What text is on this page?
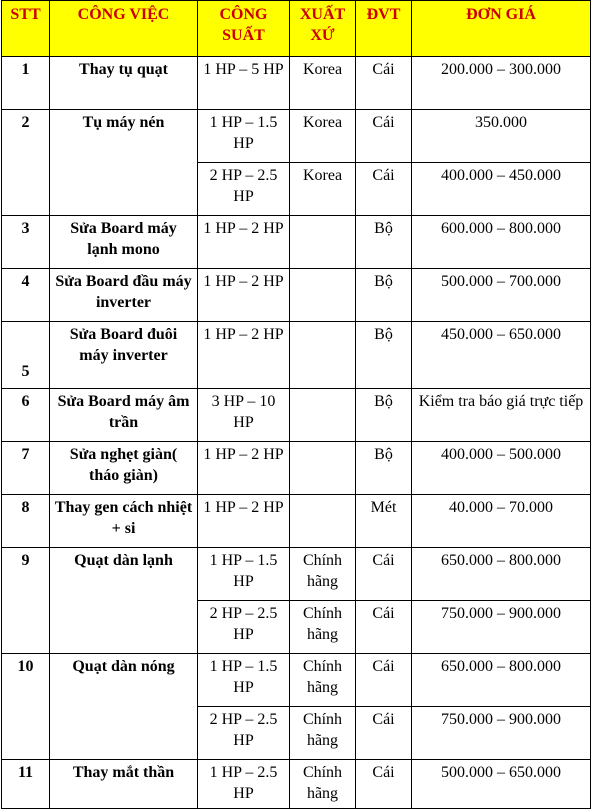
STT	CÔNG VIỆC	CÔNG SUẤT	XUẤT XỨ	ĐVT	ĐƠN GIÁ
1	Thay tụ quạt	1 HP – 5 HP	Korea	Cái	200.000 – 300.000
2	Tụ máy nén	1 HP – 1.5 HP	Korea	Cái	350.000
		2 HP – 2.5 HP	Korea	Cái	400.000 – 450.000
3	Sửa Board máy lạnh mono	1 HP – 2 HP		Bộ	600.000 – 800.000
4	Sửa Board đầu máy inverter	1 HP – 2 HP		Bộ	500.000 – 700.000
5	Sửa Board đuôi máy inverter	1 HP – 2 HP		Bộ	450.000 – 650.000
6	Sửa Board máy âm trần	3 HP – 10 HP		Bộ	Kiểm tra báo giá trực tiếp
7	Sửa nghẹt giàn( tháo giàn)	1 HP – 2 HP		Bộ	400.000 – 500.000
8	Thay gen cách nhiệt + si	1 HP – 2 HP		Mét	40.000 – 70.000
9	Quạt dàn lạnh	1 HP – 1.5 HP	Chính hãng	Cái	650.000 – 800.000
		2 HP – 2.5 HP	Chính hãng	Cái	750.000 – 900.000
10	Quạt dàn nóng	1 HP – 1.5 HP	Chính hãng	Cái	650.000 – 800.000
		2 HP – 2.5 HP	Chính hãng	Cái	750.000 – 900.000
11	Thay mắt thần	1 HP – 2.5 HP	Chính hãng	Cái	500.000 – 650.000
